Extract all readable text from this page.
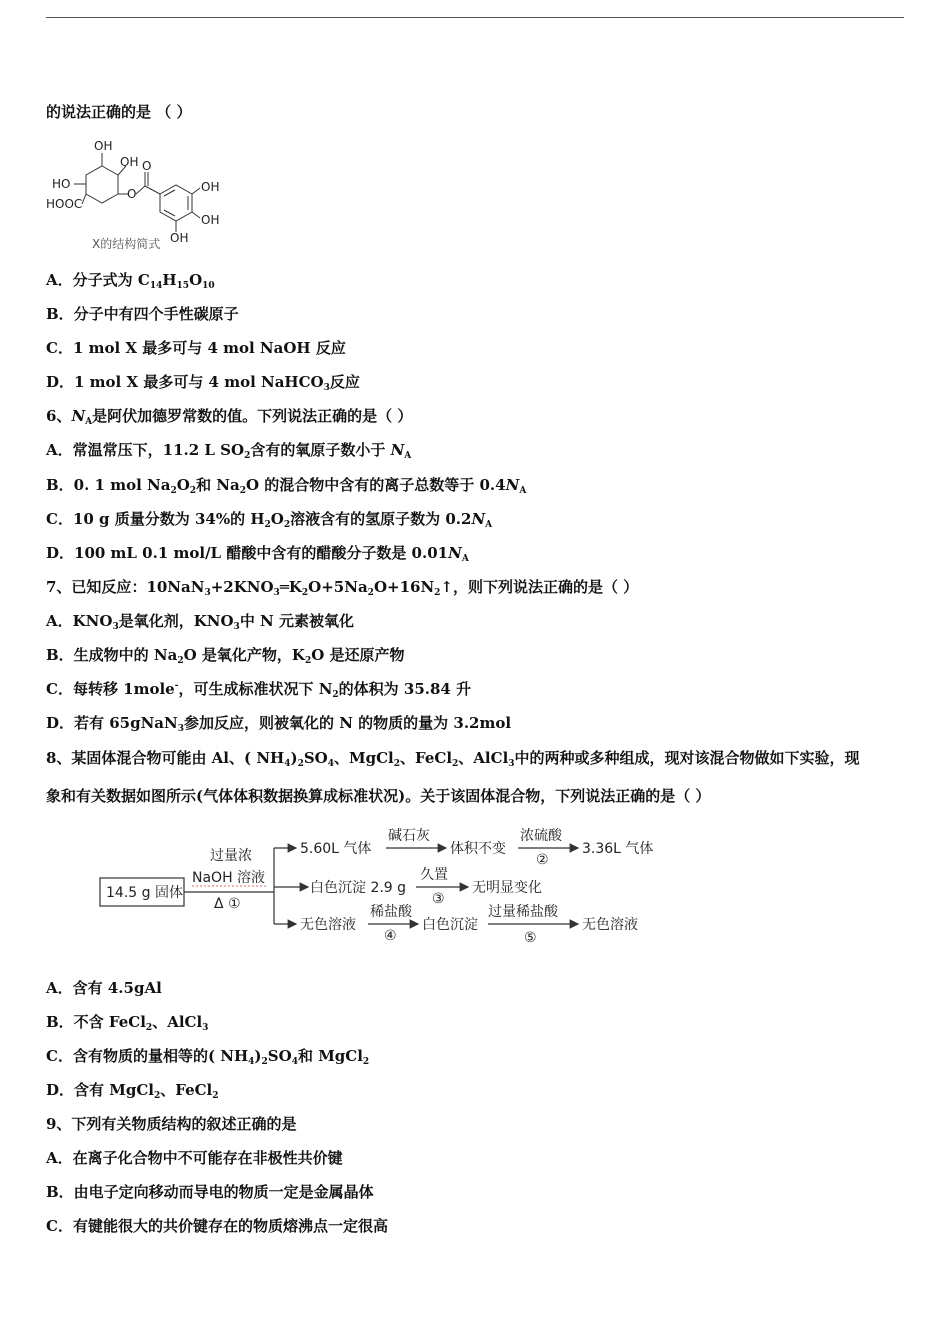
的说法正确的是 （ ）
OH
OH
HO
HOOC
O
O
OH
OH
OH
X的结构简式
A．分子式为 $C_{14}H_{15}O_{10}$
B．分子中有四个手性碳原子
C．1 mol X 最多可与 4 mol NaOH 反应
D．1 mol X 最多可与 4 mol NaHCO$_3$反应
6、$N_A$是阿伏加德罗常数的值。下列说法正确的是（ ）
A．常温常压下，11.2 L $SO_2$含有的氧原子数小于 $N_A$
B．0. 1 mol $Na_2O_2$和 $Na_2O$ 的混合物中含有的离子总数等于 $0.4N_A$
C．10 g 质量分数为 34%的 $H_2O_2$溶液含有的氢原子数为 $0.2N_A$
D．100 mL 0.1 mol/L 醋酸中含有的醋酸分子数是 $0.01N_A$
7、已知反应：$10NaN_3+2KNO_3═K_2O+5Na_2O+16N_2↑$，则下列说法正确的是（ ）
A．$KNO_3$是氧化剂，$KNO_3$中 N 元素被氧化
B．生成物中的 $Na_2O$ 是氧化产物，$K_2O$ 是还原产物
C．每转移 1mole-，可生成标准状况下 $N_2$的体积为 35.84 升
D．若有 65gNaN$_3$参加反应，则被氧化的 N 的物质的量为 3.2mol
8、某固体混合物可能由 Al、( $NH_4)_2SO_4$、MgCl$_2$、FeCl$_2$、AlCl$_3$中的两种或多种组成，现对该混合物做如下实验，现
象和有关数据如图所示(气体体积数据换算成标准状况)。关于该固体混合物，下列说法正确的是（ ）
14.5 g 固体
过量浓
NaOH 溶液
Δ ①
5.60L 气体
碱石灰
体积不变
浓硫酸
②
3.36L 气体
白色沉淀 2.9 g
久置
③
无明显变化
无色溶液
稀盐酸
④
白色沉淀
过量稀盐酸
⑤
无色溶液
A．含有 4.5gAl
B．不含 FeCl$_2$、AlCl$_3$
C．含有物质的量相等的( $NH_4)_2SO_4$和 MgCl$_2$
D．含有 MgCl$_2$、FeCl$_2$
9、下列有关物质结构的叙述正确的是
A．在离子化合物中不可能存在非极性共价键
B．由电子定向移动而导电的物质一定是金属晶体
C．有键能很大的共价键存在的物质熔沸点一定很高
